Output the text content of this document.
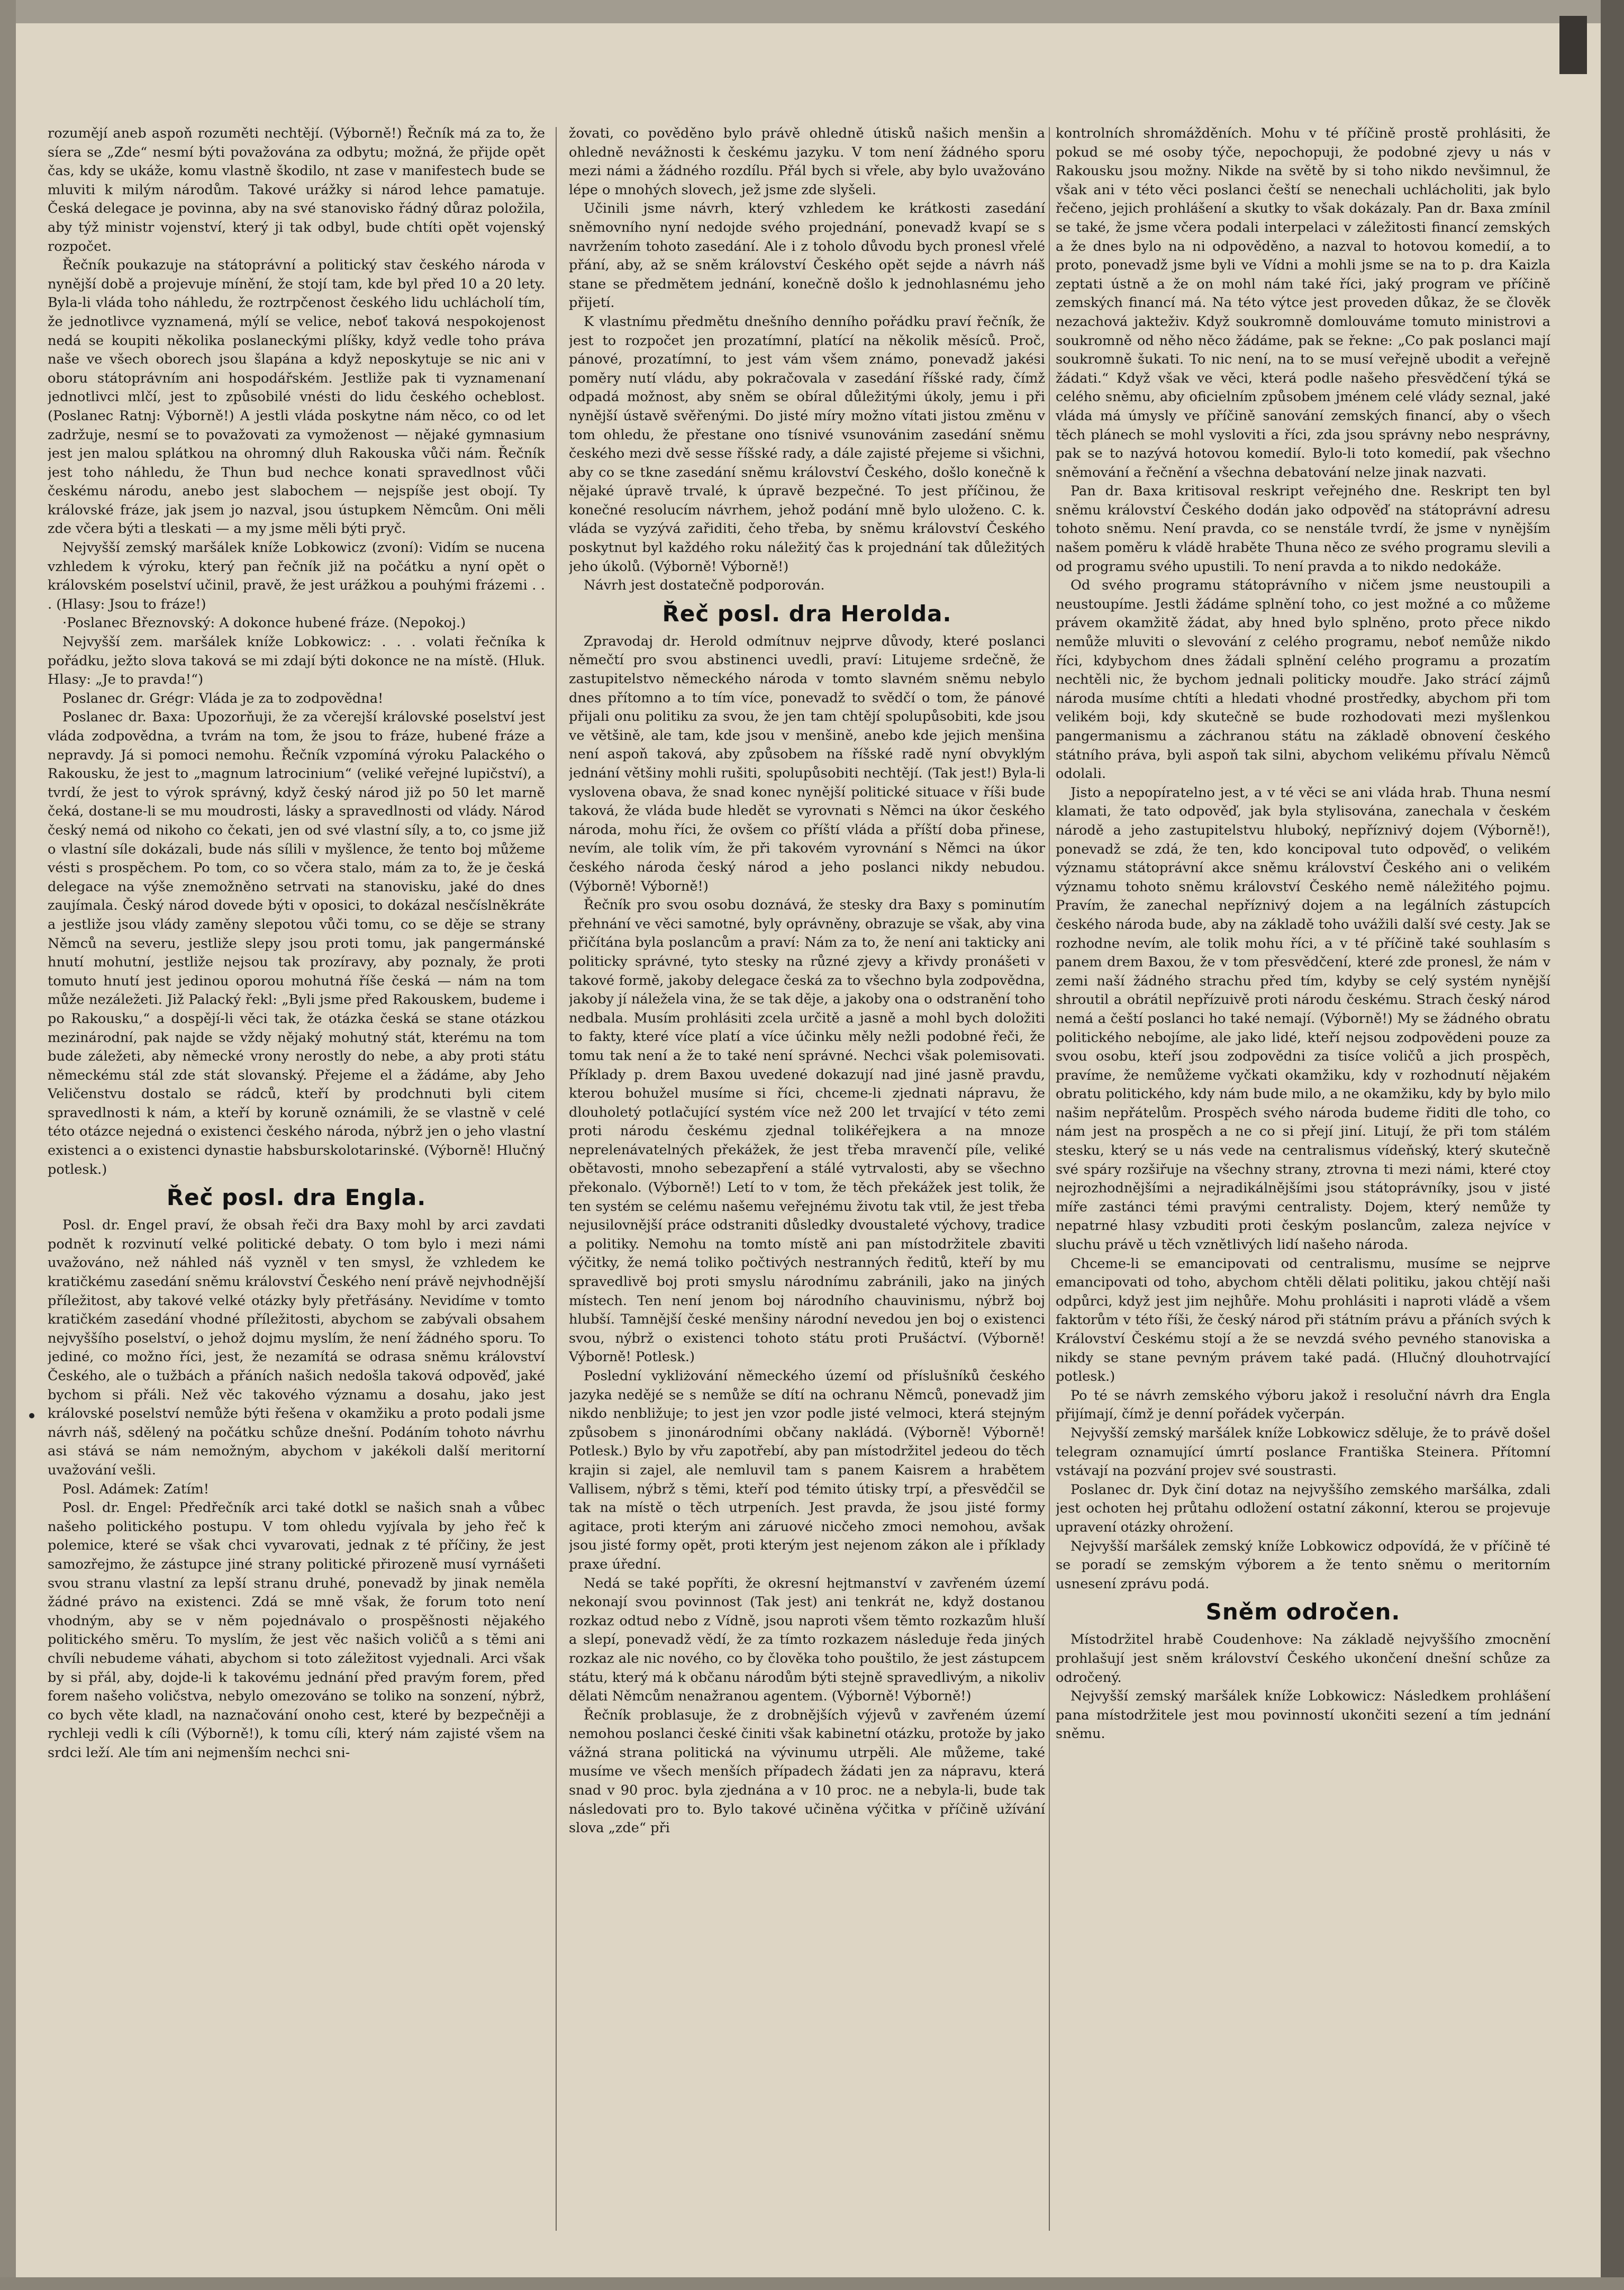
rozumějí aneb aspoň rozuměti nechtějí. (Výborně!) Řečník má za to, že síera se „Zde“ nesmí býti považována za odbytu; možná, že přijde opět čas, kdy se ukáže, komu vlastně škodilo, nt zase v manifestech bude se mluviti k milým národům. Takové urážky si národ lehce pamatuje. Česká delegace je povinna, aby na své stanovisko řádný důraz položila, aby týž ministr vojenství, který ji tak odbyl, bude chtíti opět vojenský rozpočet.

Řečník poukazuje na státoprávní a politický stav českého národa v nynější době a projevuje mínění, že stojí tam, kde byl před 10 a 20 lety. Byla-li vláda toho náhledu, že roztrpčenost českého lidu uchlácholí tím, že jednotlivce vyznamená, mýlí se velice, neboť taková nespokojenost nedá se koupiti několika poslaneckými plíšky, když vedle toho práva naše ve všech oborech jsou šlapána a když neposkytuje se nic ani v oboru státoprávním ani hospodářském. Jestliže pak ti vyznamenaní jednotlivci mlčí, jest to způsobilé vnésti do lidu českého ocheblost. (Poslanec Ratnj: Výborně!) A jestli vláda poskytne nám něco, co od let zadržuje, nesmí se to považovati za vymoženost — nějaké gymnasium jest jen malou splátkou na ohromný dluh Rakouska vůči nám. Řečník jest toho náhledu, že Thun bud nechce konati spravedlnost vůči českému národu, anebo jest slabochem — nejspíše jest obojí. Ty královské fráze, jak jsem jo nazval, jsou ústupkem Němcům. Oni měli zde včera býti a tleskati — a my jsme měli býti pryč.

Nejvyšší zemský maršálek kníže Lobkowicz (zvoní): Vidím se nucena vzhledem k výroku, který pan řečník již na počátku a nyní opět o královském poselství učinil, pravě, že jest urážkou a pouhými frázemi . . . (Hlasy: Jsou to fráze!)

·Poslanec Březnovský: A dokonce hubené fráze. (Nepokoj.)

Nejvyšší zem. maršálek kníže Lobkowicz: . . . volati řečníka k pořádku, ježto slova taková se mi zdají býti dokonce ne na místě. (Hluk. Hlasy: „Je to pravda!“)

Poslanec dr. Grégr: Vláda je za to zodpovědna!

Poslanec dr. Baxa: Upozorňuji, že za včerejší královské poselství jest vláda zodpovědna, a tvrám na tom, že jsou to fráze, hubené fráze a nepravdy. Já si pomoci nemohu. Řečník vzpomíná výroku Palackého o Rakousku, že jest to „magnum latrocinium“ (veliké veřejné lupičství), a tvrdí, že jest to výrok správný, když český národ již po 50 let marně čeká, dostane-li se mu moudrosti, lásky a spravedlnosti od vlády. Národ český nemá od nikoho co čekati, jen od své vlastní síly, a to, co jsme již o vlastní síle dokázali, bude nás sílili v myšlence, že tento boj můžeme vésti s prospěchem. Po tom, co so včera stalo, mám za to, že je česká delegace na výše znemožněno setrvati na stanovisku, jaké do dnes zaujímala. Český národ dovede býti v oposici, to dokázal nesčíslněkráte a jestliže jsou vlády zaměny slepotou vůči tomu, co se děje se strany Němců na severu, jestliže slepy jsou proti tomu, jak pangermánské hnutí mohutní, jestliže nejsou tak prozíravy, aby poznaly, že proti tomuto hnutí jest jedinou oporou mohutná říše česká — nám na tom může nezáležeti. Již Palacký řekl: „Byli jsme před Rakouskem, budeme i po Rakousku,“ a dospějí-li věci tak, že otázka česká se stane otázkou mezinárodní, pak najde se vždy nějaký mohutný stát, kterému na tom bude záležeti, aby německé vrony nerostly do nebe, a aby proti státu německému stál zde stát slovanský. Přejeme el a žádáme, aby Jeho Veličenstvu dostalo se rádců, kteří by prodchnuti byli citem spravedlnosti k nám, a kteří by koruně oznámili, že se vlastně v celé této otázce nejedná o existenci českého národa, nýbrž jen o jeho vlastní existenci a o existenci dynastie habsburskolotarinské. (Výborně! Hlučný potlesk.)

Řeč posl. dra Engla.

Posl. dr. Engel praví, že obsah řeči dra Baxy mohl by arci zavdati podnět k rozvinutí velké politické debaty. O tom bylo i mezi námi uvažováno, než náhled náš vyzněl v ten smysl, že vzhledem ke kratičkému zasedání sněmu království Českého není právě nejvhodnější příležitost, aby takové velké otázky byly přetřásány. Nevidíme v tomto kratičkém zasedání vhodné příležitosti, abychom se zabývali obsahem nejvyššího poselství, o jehož dojmu myslím, že není žádného sporu. To jediné, co možno říci, jest, že nezamítá se odrasa sněmu království Českého, ale o tužbách a přáních našich nedošla taková odpověď, jaké bychom si přáli. Než věc takového významu a dosahu, jako jest královské poselství nemůže býti řešena v okamžiku a proto podali jsme návrh náš, sdělený na počátku schůze dnešní. Podáním tohoto návrhu asi stává se nám nemožným, abychom v jakékoli další meritorní uvažování vešli.

Posl. Adámek: Zatím!

Posl. dr. Engel: Předřečník arci také dotkl se našich snah a vůbec našeho politického postupu. V tom ohledu vyjívala by jeho řeč k polemice, které se však chci vyvarovati, jednak z té příčiny, že jest samozřejmo, že zástupce jiné strany politické přirozeně musí vyrnášeti svou stranu vlastní za lepší stranu druhé, ponevadž by jinak neměla žádné právo na existenci. Zdá se mně však, že forum toto není vhodným, aby se v něm pojednávalo o prospěšnosti nějakého politického směru. To myslím, že jest věc našich voličů a s těmi ani chvíli nebudeme váhati, abychom si toto záležitost vyjednali. Arci však by si přál, aby, dojde-li k takovému jednání před pravým forem, před forem našeho voličstva, nebylo omezováno se toliko na sonzení, nýbrž, co bych věte kladl, na naznačování onoho cest, které by bezpečněji a rychleji vedli k cíli (Výborně!), k tomu cíli, který nám zajisté všem na srdci leží. Ale tím ani nejmenším nechci sni-

žovati, co pověděno bylo právě ohledně útisků našich menšin a ohledně nevážnosti k českému jazyku. V tom není žádného sporu mezi námi a žádného rozdílu. Přál bych si vřele, aby bylo uvažováno lépe o mnohých slovech, jež jsme zde slyšeli.

Učinili jsme návrh, který vzhledem ke krátkosti zasedání sněmovního nyní nedojde svého projednání, ponevadž kvapí se s navržením tohoto zasedání. Ale i z toholo důvodu bych pronesl vřelé přání, aby, až se sněm království Českého opět sejde a návrh náš stane se předmětem jednání, konečně došlo k jednohlasnému jeho přijetí.

K vlastnímu předmětu dnešního denního pořádku praví řečník, že jest to rozpočet jen prozatímní, platící na několik měsíců. Proč, pánové, prozatímní, to jest vám všem známo, ponevadž jakési poměry nutí vládu, aby pokračovala v zasedání říšské rady, čímž odpadá možnost, aby sněm se obíral důležitými úkoly, jemu i při nynější ústavě svěřenými. Do jisté míry možno vítati jistou změnu v tom ohledu, že přestane ono tísnivé vsunovánim zasedání sněmu českého mezi dvě sesse říšské rady, a dále zajisté přejeme si všichni, aby co se tkne zasedání sněmu království Českého, došlo konečně k nějaké úpravě trvalé, k úpravě bezpečné. To jest příčinou, že konečné resolucím návrhem, jehož podání mně bylo uloženo. C. k. vláda se vyzývá zařiditi, čeho třeba, by sněmu království Českého poskytnut byl každého roku náležitý čas k projednání tak důležitých jeho úkolů. (Výborně! Výborně!)

Návrh jest dostatečně podporován.

Řeč posl. dra Herolda.

Zpravodaj dr. Herold odmítnuv nejprve důvody, které poslanci němečtí pro svou abstinenci uvedli, praví: Litujeme srdečně, že zastupitelstvo německého národa v tomto slavném sněmu nebylo dnes přítomno a to tím více, ponevadž to svědčí o tom, že pánové přijali onu politiku za svou, že jen tam chtějí spolupůsobiti, kde jsou ve většině, ale tam, kde jsou v menšině, anebo kde jejich menšina není aspoň taková, aby způsobem na říšské radě nyní obvyklým jednání většiny mohli rušiti, spolupůsobiti nechtějí. (Tak jest!) Byla-li vyslovena obava, že snad konec nynější politické situace v říši bude taková, že vláda bude hledět se vyrovnati s Němci na úkor českého národa, mohu říci, že ovšem co příští vláda a příští doba přinese, nevím, ale tolik vím, že při takovém vyrovnání s Němci na úkor českého národa český národ a jeho poslanci nikdy nebudou. (Výborně! Výborně!)

Řečník pro svou osobu doznává, že stesky dra Baxy s pominutím přehnání ve věci samotné, byly oprávněny, obrazuje se však, aby vina přičítána byla poslancům a praví: Nám za to, že není ani takticky ani politicky správné, tyto stesky na různé zjevy a křivdy pronášeti v takové formě, jakoby delegace česká za to všechno byla zodpovědna, jakoby jí náležela vina, že se tak děje, a jakoby ona o odstranění toho nedbala. Musím prohlásiti zcela určitě a jasně a mohl bych doložiti to fakty, které více platí a více účinku měly nežli podobné řeči, že tomu tak není a že to také není správné. Nechci však polemisovati. Příklady p. drem Baxou uvedené dokazují nad jiné jasně pravdu, kterou bohužel musíme si říci, chceme-li zjednati nápravu, že dlouholetý potlačující systém více než 200 let trvající v této zemi proti národu českému zjednal tolikéřejkera a na mnoze neprelenávatelných překážek, že jest třeba mravenčí píle, veliké obětavosti, mnoho sebezapření a stálé vytrvalosti, aby se všechno překonalo. (Výborně!) Letí to v tom, že těch překážek jest tolik, že ten systém se celému našemu veřejnému životu tak vtil, že jest třeba nejusilovnější práce odstraniti důsledky dvoustaleté výchovy, tradice a politiky. Nemohu na tomto místě ani pan místodržitele zbaviti výčitky, že nemá toliko počtivých nestranných ředitů, kteří by mu spravedlivě boj proti smyslu národnímu zabránili, jako na jiných místech. Ten není jenom boj národního chauvinismu, nýbrž boj hlubší. Tamnější české menšiny národní nevedou jen boj o existenci svou, nýbrž o existenci tohoto státu proti Prušáctví. (Výborně! Výborně! Potlesk.)

Poslední vykliżování německého území od příslušníků českého jazyka nedějé se s nemůže se dítí na ochranu Němců, ponevadž jim nikdo nenbližuje; to jest jen vzor podle jisté velmoci, která stejným způsobem s jinonárodními občany nakládá. (Výborně! Výborně! Potlesk.) Bylo by vřu zapotřebí, aby pan místodržitel jedeou do těch krajin si zajel, ale nemluvil tam s panem Kaisrem a hrabětem Vallisem, nýbrž s těmi, kteří pod témito útisky trpí, a přesvědčil se tak na místě o těch utrpeních. Jest pravda, že jsou jisté formy agitace, proti kterým ani záruové nicčeho zmoci nemohou, avšak jsou jisté formy opět, proti kterým jest nejenom zákon ale i příklady praxe úřední.

Nedá se také popříti, že okresní hejtmanství v zavřeném území nekonají svou povinnost (Tak jest) ani tenkrát ne, když dostanou rozkaz odtud nebo z Vídně, jsou naproti všem těmto rozkazům hluší a slepí, ponevadž vědí, že za tímto rozkazem následuje ředa jiných rozkaz ale nic nového, co by člověka toho pouštilo, že jest zástupcem státu, který má k občanu národům býti stejně spravedlivým, a nikoliv dělati Němcům nenažranou agentem. (Výborně! Výborně!)

Řečník problasuje, že z drobnějších výjevů v zavřeném území nemohou poslanci české činiti však kabinetní otázku, protože by jako vážná strana politická na vývinumu utrpěli. Ale můžeme, také musíme ve všech menších případech žádati jen za nápravu, která snad v 90 proc. byla zjednána a v 10 proc. ne a nebyla-li, bude tak následovati pro to. Bylo takové učiněna výčitka v příčině užívání slova „zde“ při

kontrolních shromážděních. Mohu v té příčině prostě prohlásiti, že pokud se mé osoby týče, nepochopuji, že podobné zjevy u nás v Rakousku jsou možny. Nikde na světě by si toho nikdo nevšimnul, že však ani v této věci poslanci čeští se nenechali uchlácholiti, jak bylo řečeno, jejich prohlášení a skutky to však dokázaly. Pan dr. Baxa zmínil se také, že jsme včera podali interpelaci v záležitosti financí zemských a že dnes bylo na ni odpověděno, a nazval to hotovou komedií, a to proto, ponevadž jsme byli ve Vídni a mohli jsme se na to p. dra Kaizla zeptati ústně a že on mohl nám také říci, jaký program ve příčině zemských financí má. Na této výtce jest proveden důkaz, že se člověk nezachová jakteživ. Když soukromně domlouváme tomuto ministrovi a soukromně od něho něco žádáme, pak se řekne: „Co pak poslanci mají soukromně šukati. To nic není, na to se musí veřejně ubodit a veřejně žádati.“ Když však ve věci, která podle našeho přesvědčení týká se celého sněmu, aby oficielním způsobem jménem celé vlády seznal, jaké vláda má úmysly ve příčině sanování zemských financí, aby o všech těch plánech se mohl vysloviti a říci, zda jsou správny nebo nesprávny, pak se to nazývá hotovou komedií. Bylo-li toto komedií, pak všechno sněmování a řečnění a všechna debatování nelze jinak nazvati.

Pan dr. Baxa kritisoval reskript veřejného dne. Reskript ten byl sněmu království Českého dodán jako odpověď na státoprávní adresu tohoto sněmu. Není pravda, co se nenstále tvrdí, že jsme v nynějším našem poměru k vládě hraběte Thuna něco ze svého programu slevili a od programu svého upustili. To není pravda a to nikdo nedokáže.

Od svého programu státoprávního v ničem jsme neustoupili a neustoupíme. Jestli žádáme splnění toho, co jest možné a co můžeme právem okamžitě žádat, aby hned bylo splněno, proto přece nikdo nemůže mluviti o slevování z celého programu, neboť nemůže nikdo říci, kdybychom dnes žádali splnění celého programu a prozatím nechtěli nic, že bychom jednali politicky moudře. Jako strácí zájmů národa musíme chtíti a hledati vhodné prostředky, abychom při tom velikém boji, kdy skutečně se bude rozhodovati mezi myšlenkou pangermanismu a záchranou státu na základě obnovení českého státního práva, byli aspoň tak silni, abychom velikému přívalu Němců odolali.

Jisto a nepopíratelno jest, a v té věci se ani vláda hrab. Thuna nesmí klamati, že tato odpověď, jak byla stylisována, zanechala v českém národě a jeho zastupitelstvu hluboký, nepříznivý dojem (Výborně!), ponevadž se zdá, že ten, kdo koncipoval tuto odpověď, o velikém významu státoprávní akce sněmu království Českého ani o velikém významu tohoto sněmu království Českého nemě náležitého pojmu. Pravím, že zanechal nepříznivý dojem a na legálních zástupcích českého národa bude, aby na základě toho uvážili další své cesty. Jak se rozhodne nevím, ale tolik mohu říci, a v té příčině také souhlasím s panem drem Baxou, že v tom přesvědčení, které zde pronesl, že nám v zemi naší žádného strachu před tím, kdyby se celý systém nynější shroutil a obrátil nepřízuivě proti národu českému. Strach český národ nemá a čeští poslanci ho také nemají. (Výborně!) My se žádného obratu politického nebojíme, ale jako lidé, kteří nejsou zodpovědeni pouze za svou osobu, kteří jsou zodpovědni za tisíce voličů a jich prospěch, pravíme, že nemůžeme vyčkati okamžiku, kdy v rozhodnutí nějakém obratu politického, kdy nám bude milo, a ne okamžiku, kdy by bylo milo našim nepřátelům. Prospěch svého národa budeme řiditi dle toho, co nám jest na prospěch a ne co si přejí jiní. Litují, že při tom stálém stesku, který se u nás vede na centralismus vídeňský, který skutečně své spáry rozšiřuje na všechny strany, ztrovna ti mezi námi, které ctoy nejrozhodnějšími a nejradikálnějšími jsou státoprávníky, jsou v jisté míře zastánci témi pravými centralisty. Dojem, který nemůže ty nepatrné hlasy vzbuditi proti českým poslancům, zaleza nejvíce v sluchu právě u těch vznětlivých lidí našeho národa.

Chceme-li se emancipovati od centralismu, musíme se nejprve emancipovati od toho, abychom chtěli dělati politiku, jakou chtějí naši odpůrci, když jest jim nejhůře. Mohu prohlásiti i naproti vládě a všem faktorům v této říši, že český národ při státním právu a přáních svých k Království Českému stojí a že se nevzdá svého pevného stanoviska a nikdy se stane pevným právem také padá. (Hlučný dlouhotrvající potlesk.)

Po té se návrh zemského výboru jakož i resoluční návrh dra Engla přijímají, čímž je denní pořádek vyčerpán.

Nejvyšší zemský maršálek kníže Lobkowicz sděluje, že to právě došel telegram oznamující úmrtí poslance Františka Steinera. Přítomní vstávají na pozvání projev své soustrasti.

Poslanec dr. Dyk činí dotaz na nejvyššího zemského maršálka, zdali jest ochoten hej průtahu odložení ostatní zákonní, kterou se projevuje upravení otázky ohrožení.

Nejvyšší maršálek zemský kníže Lobkowicz odpovídá, že v příčině té se poradí se zemským výborem a že tento sněmu o meritorním usnesení zprávu podá.

Sněm odročen.

Místodržitel hrabě Coudenhove: Na základě nejvyššího zmocnění prohlašují jest sněm království Českého ukončení dnešní schůze za odročený.

Nejvyšší zemský maršálek kníže Lobkowicz: Následkem prohlášení pana místodržitele jest mou povinností ukončiti sezení a tím jednání sněmu.
